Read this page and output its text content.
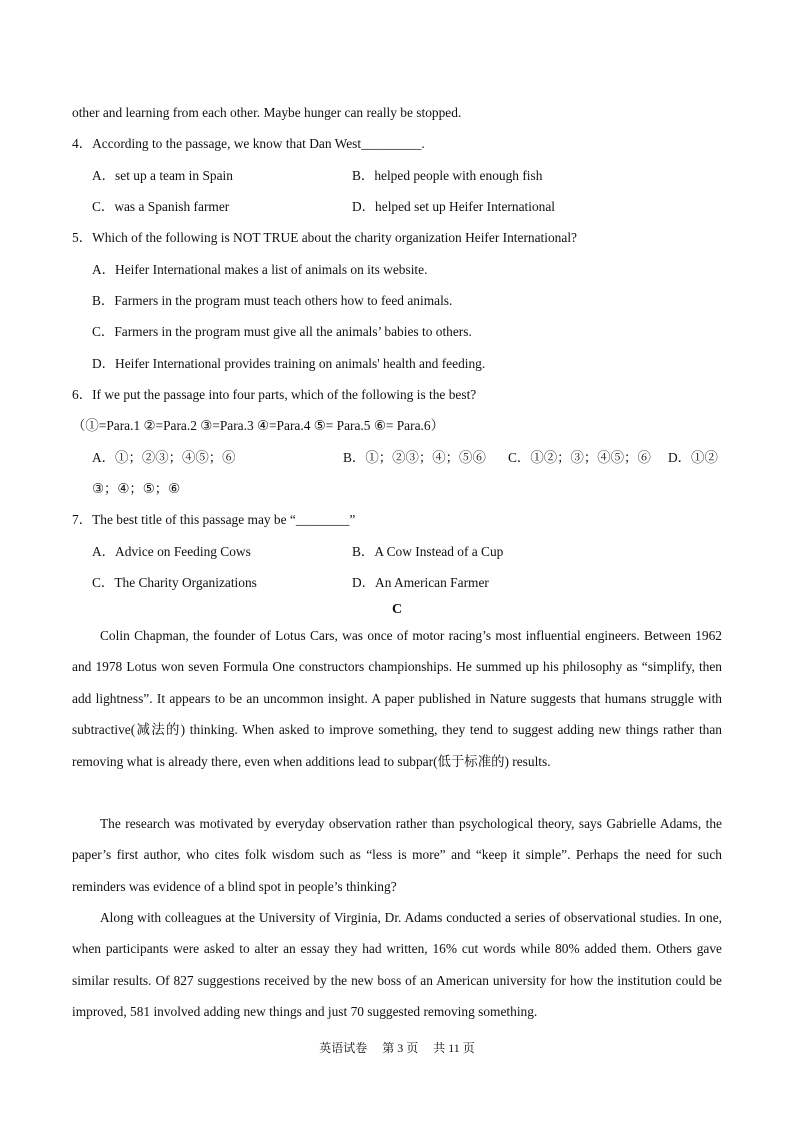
other and learning from each other. Maybe hunger can really be stopped.
4．According to the passage, we know that Dan West_________.
A．set up a team in Spain	B．helped people with enough fish
C．was a Spanish farmer	D．helped set up Heifer International
5．Which of the following is NOT TRUE about the charity organization Heifer International?
A．Heifer International makes a list of animals on its website.
B．Farmers in the program must teach others how to feed animals.
C．Farmers in the program must give all the animals’ babies to others.
D．Heifer International provides training on animals' health and feeding.
6．If we put the passage into four parts, which of the following is the best?
（①=Para.1 ②=Para.2 ③=Para.3 ④=Para.4 ⑤= Para.5 ⑥= Para.6）
A．①；②③；④⑤；⑥	B．①；②③；④；⑤⑥ C．①②；③；④⑤；⑥ D．①②
③；④；⑤；⑥
7．The best title of this passage may be “________”
A．Advice on Feeding Cows	B．A Cow Instead of a Cup
C．The Charity Organizations	D．An American Farmer
C
Colin Chapman, the founder of Lotus Cars, was once of motor racing’s most influential engineers. Between 1962 and 1978 Lotus won seven Formula One constructors championships. He summed up his philosophy as “simplify, then add lightness”. It appears to be an uncommon insight. A paper published in Nature suggests that humans struggle with subtractive(减法的) thinking. When asked to improve something, they tend to suggest adding new things rather than removing what is already there, even when additions lead to subpar(低于标准的) results.
The research was motivated by everyday observation rather than psychological theory, says Gabrielle Adams, the paper’s first author, who cites folk wisdom such as “less is more” and “keep it simple”. Perhaps the need for such reminders was evidence of a blind spot in people’s thinking?
Along with colleagues at the University of Virginia, Dr. Adams conducted a series of observational studies. In one, when participants were asked to alter an essay they had written, 16% cut words while 80% added them. Others gave similar results. Of 827 suggestions received by the new boss of an American university for how the institution could be improved, 581 involved adding new things and just 70 suggested removing something.
英语试卷 第 3 页 共 11 页
